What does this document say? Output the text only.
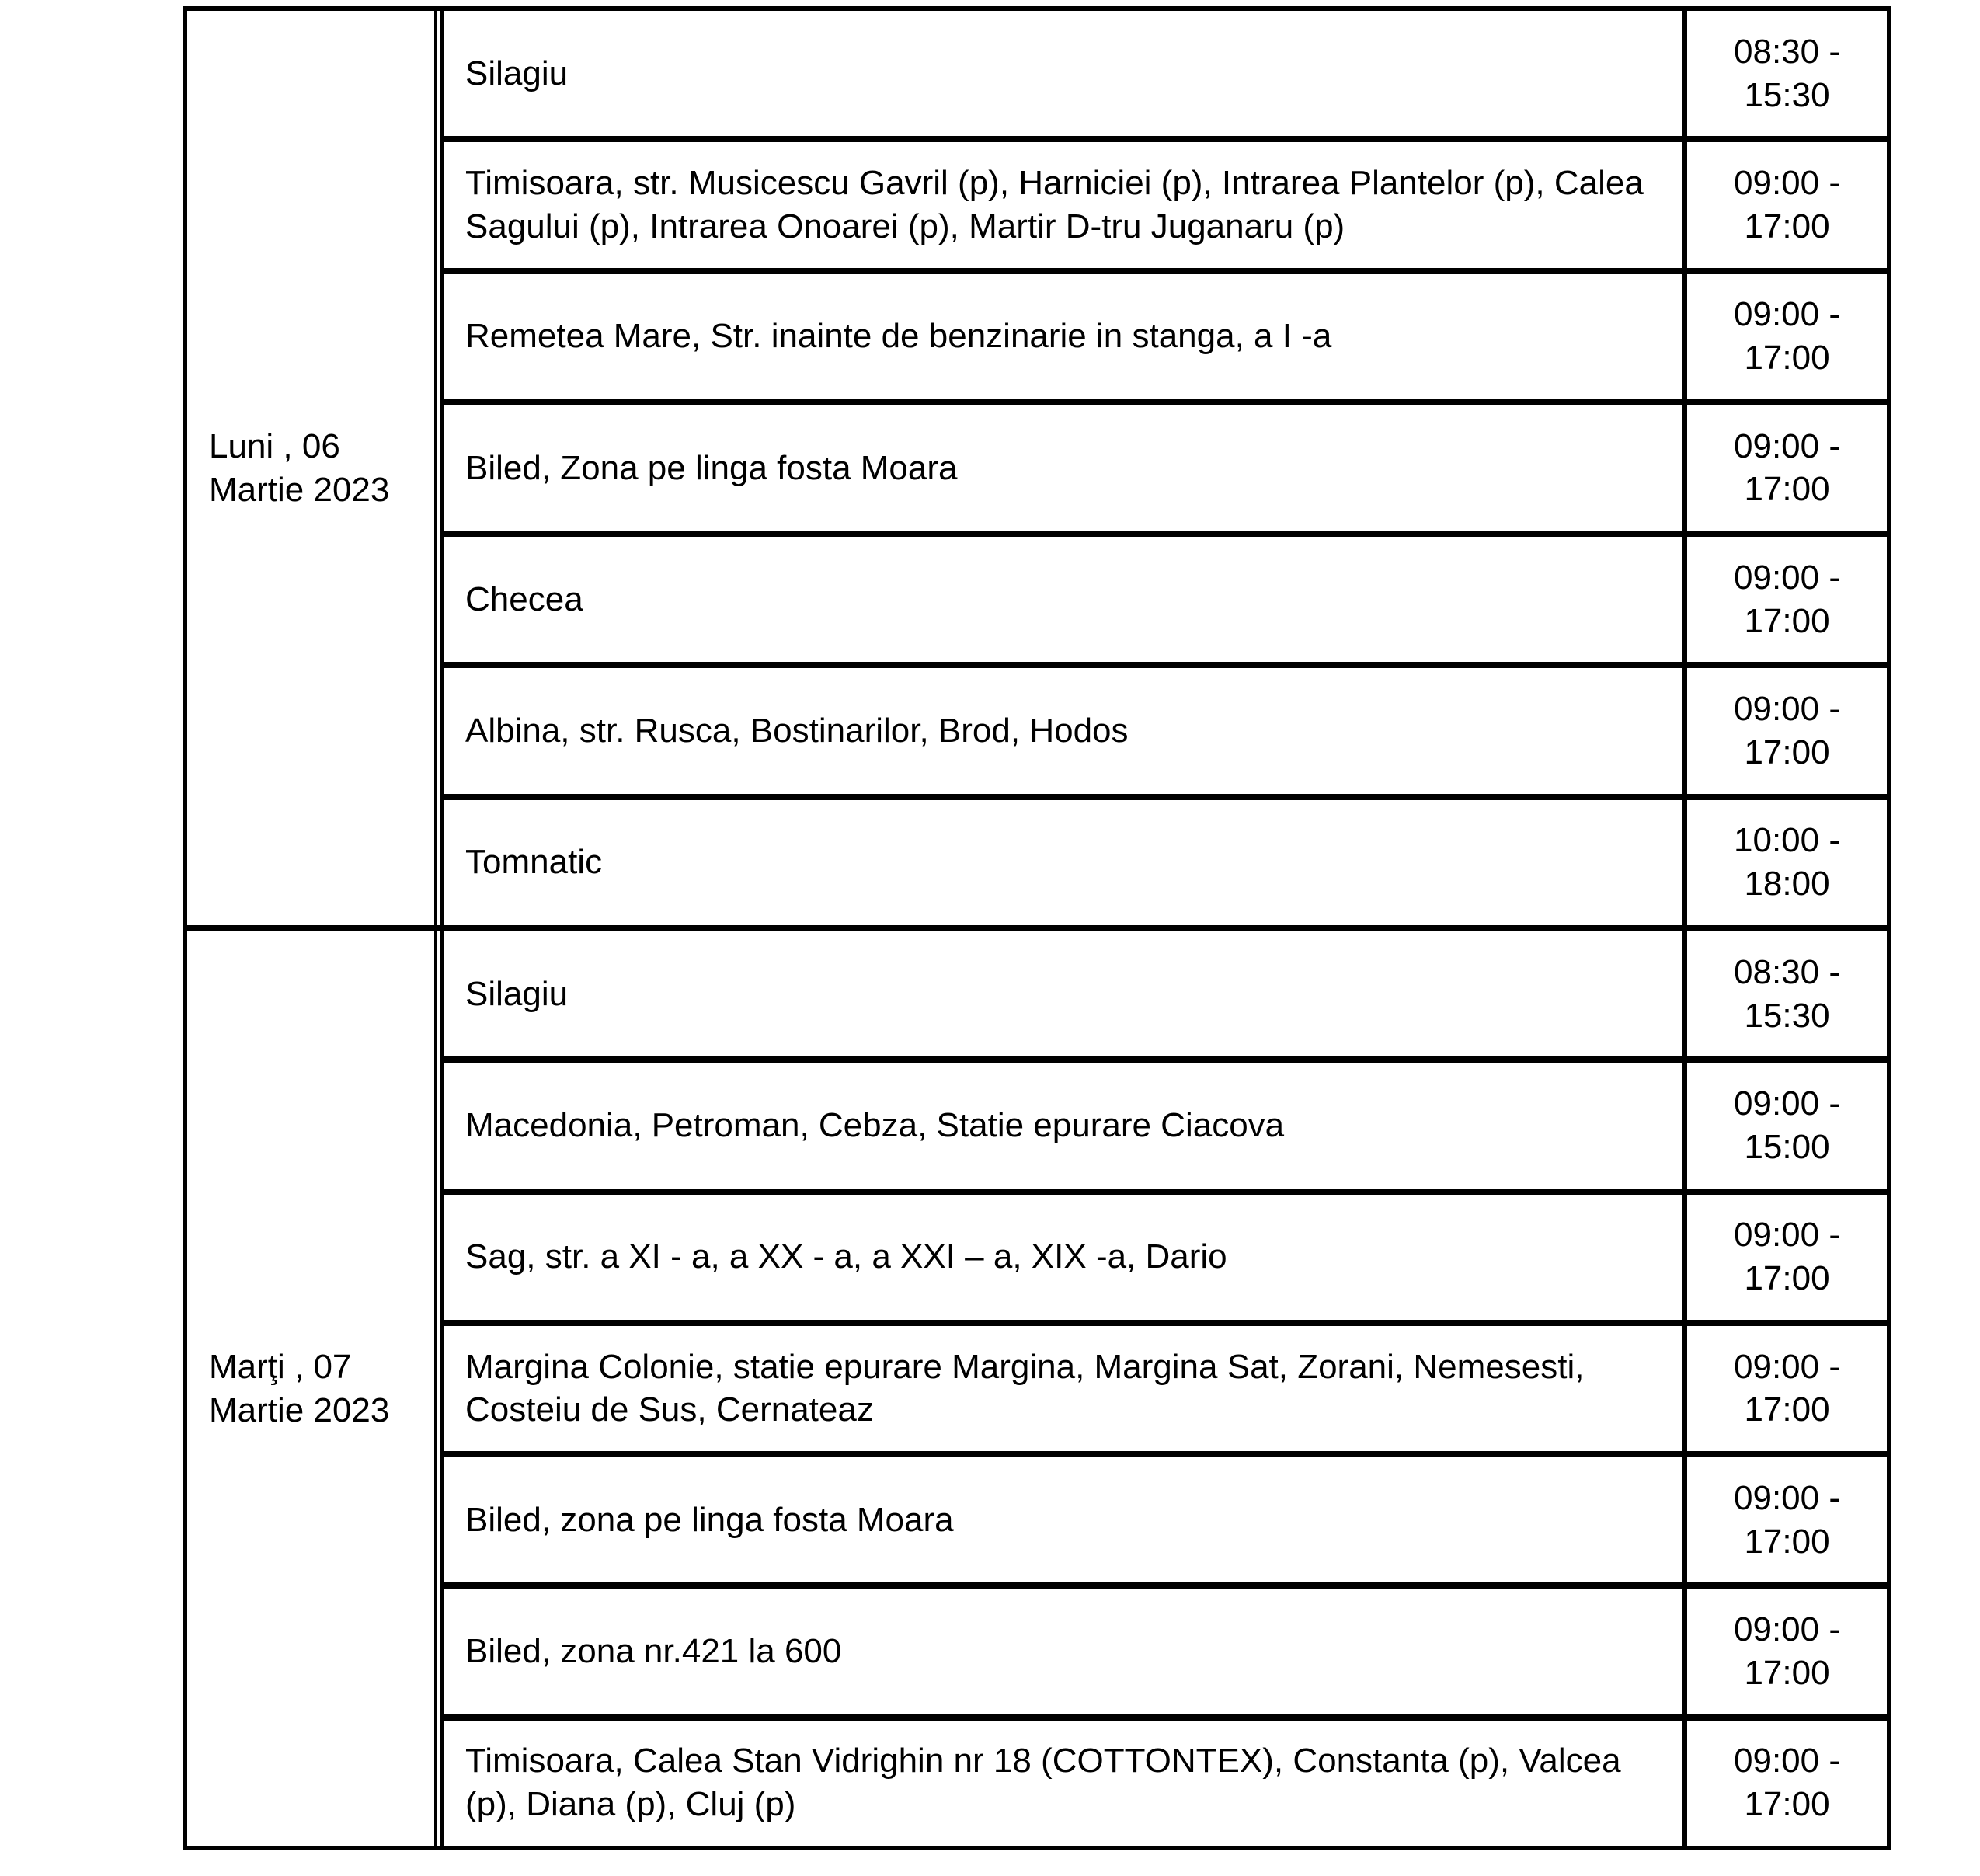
Luni , 06 Martie 2023
Silagiu
08:30 - 15:30
Timisoara, str. Musicescu Gavril (p), Harniciei (p), Intrarea Plantelor (p), Calea Sagului (p), Intrarea Onoarei (p), Martir D-tru Juganaru (p)
09:00 - 17:00
Remetea Mare, Str. inainte de benzinarie in stanga, a I -a
09:00 - 17:00
Biled, Zona pe linga fosta Moara
09:00 - 17:00
Checea
09:00 - 17:00
Albina, str. Rusca, Bostinarilor, Brod, Hodos
09:00 - 17:00
Tomnatic
10:00 - 18:00
Marţi , 07 Martie 2023
Silagiu
08:30 - 15:30
Macedonia, Petroman, Cebza, Statie epurare Ciacova
09:00 - 15:00
Sag, str. a XI - a, a XX - a, a XXI – a, XIX -a, Dario
09:00 - 17:00
Margina Colonie, statie epurare Margina, Margina Sat, Zorani, Nemesesti, Costeiu de Sus, Cernateaz
09:00 - 17:00
Biled, zona pe linga fosta Moara
09:00 - 17:00
Biled, zona nr.421 la 600
09:00 - 17:00
Timisoara, Calea Stan Vidrighin nr 18 (COTTONTEX), Constanta (p), Valcea (p), Diana (p), Cluj (p)
09:00 - 17:00
